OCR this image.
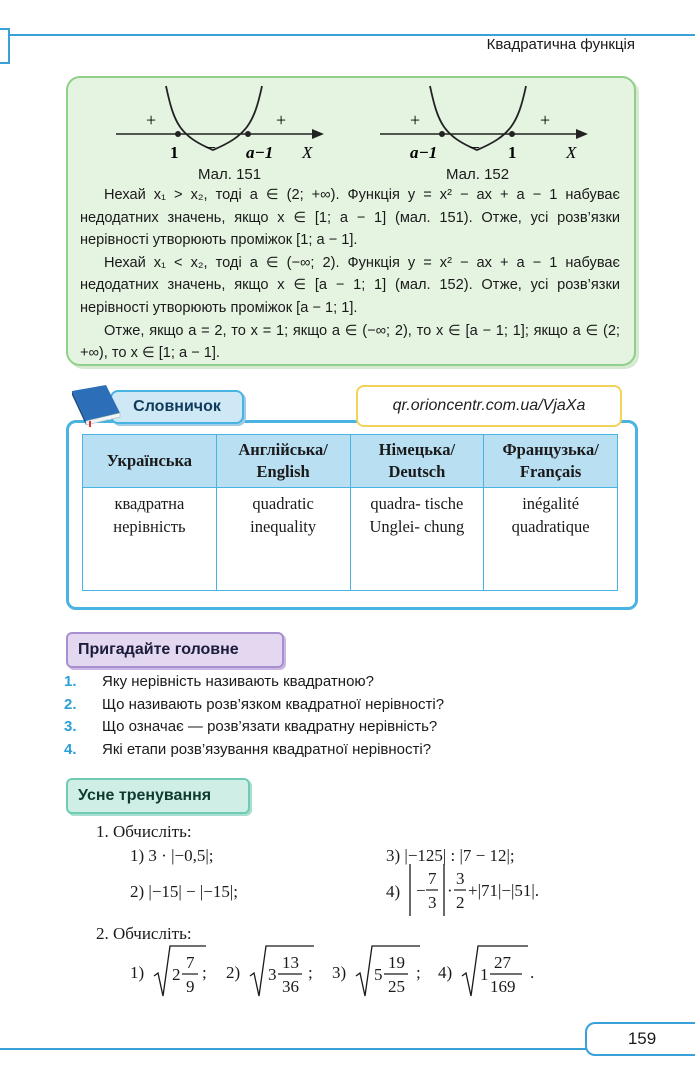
Квадратична функція
+
–
+
1	a−1 X
Мал. 151
+
–
+
a−1	1	X
Мал. 152

Нехай x₁ > x₂, тоді a ∈ (2; +∞). Функція y = x² − ax + a − 1 набуває недодатних значень, якщо x ∈ [1; a − 1] (мал. 151). Отже, усі розв’язки нерівності утворюють проміжок [1; a − 1].

Нехай x₁ < x₂, тоді a ∈ (−∞; 2). Функція y = x² − ax + a − 1 набуває недодатних значень, якщо x ∈ [a − 1; 1] (мал. 152). Отже, усі розв’язки нерівності утворюють проміжок [a − 1; 1].

Отже, якщо a = 2, то x = 1; якщо a ∈ (−∞; 2), то x ∈ [a − 1; 1]; якщо a ∈ (2; +∞), то x ∈ [1; a − 1].

Словничок	qr.orioncentr.com.ua/VjaXa
Українська	Англійська/ English	Німецька/ Deutsch	Французька/ Français
квадратна нерівність	quadratic inequality	quadra- tische Unglei- chung	inégalité quadratique
Пригадайте головне
1.	Яку нерівність називають квадратною?
2.	Що називають розв’язком квадратної нерівності?
3.	Що означає — розв’язати квадратну нерівність?
4.	Які етапи розв’язування квадратної нерівності?
Усне тренування
1. Обчисліть:
1) 3 · |−0,5|;
2) |−15| − |−15|;
3) |−125| : |7 − 12|;
4) −
7
3
·
3
2
+|71|−|51|.
2. Обчисліть:
1) 2
7
9
; 2) 3
13
36
; 3) 5
19
25
; 4) 1
27
169
.
159
